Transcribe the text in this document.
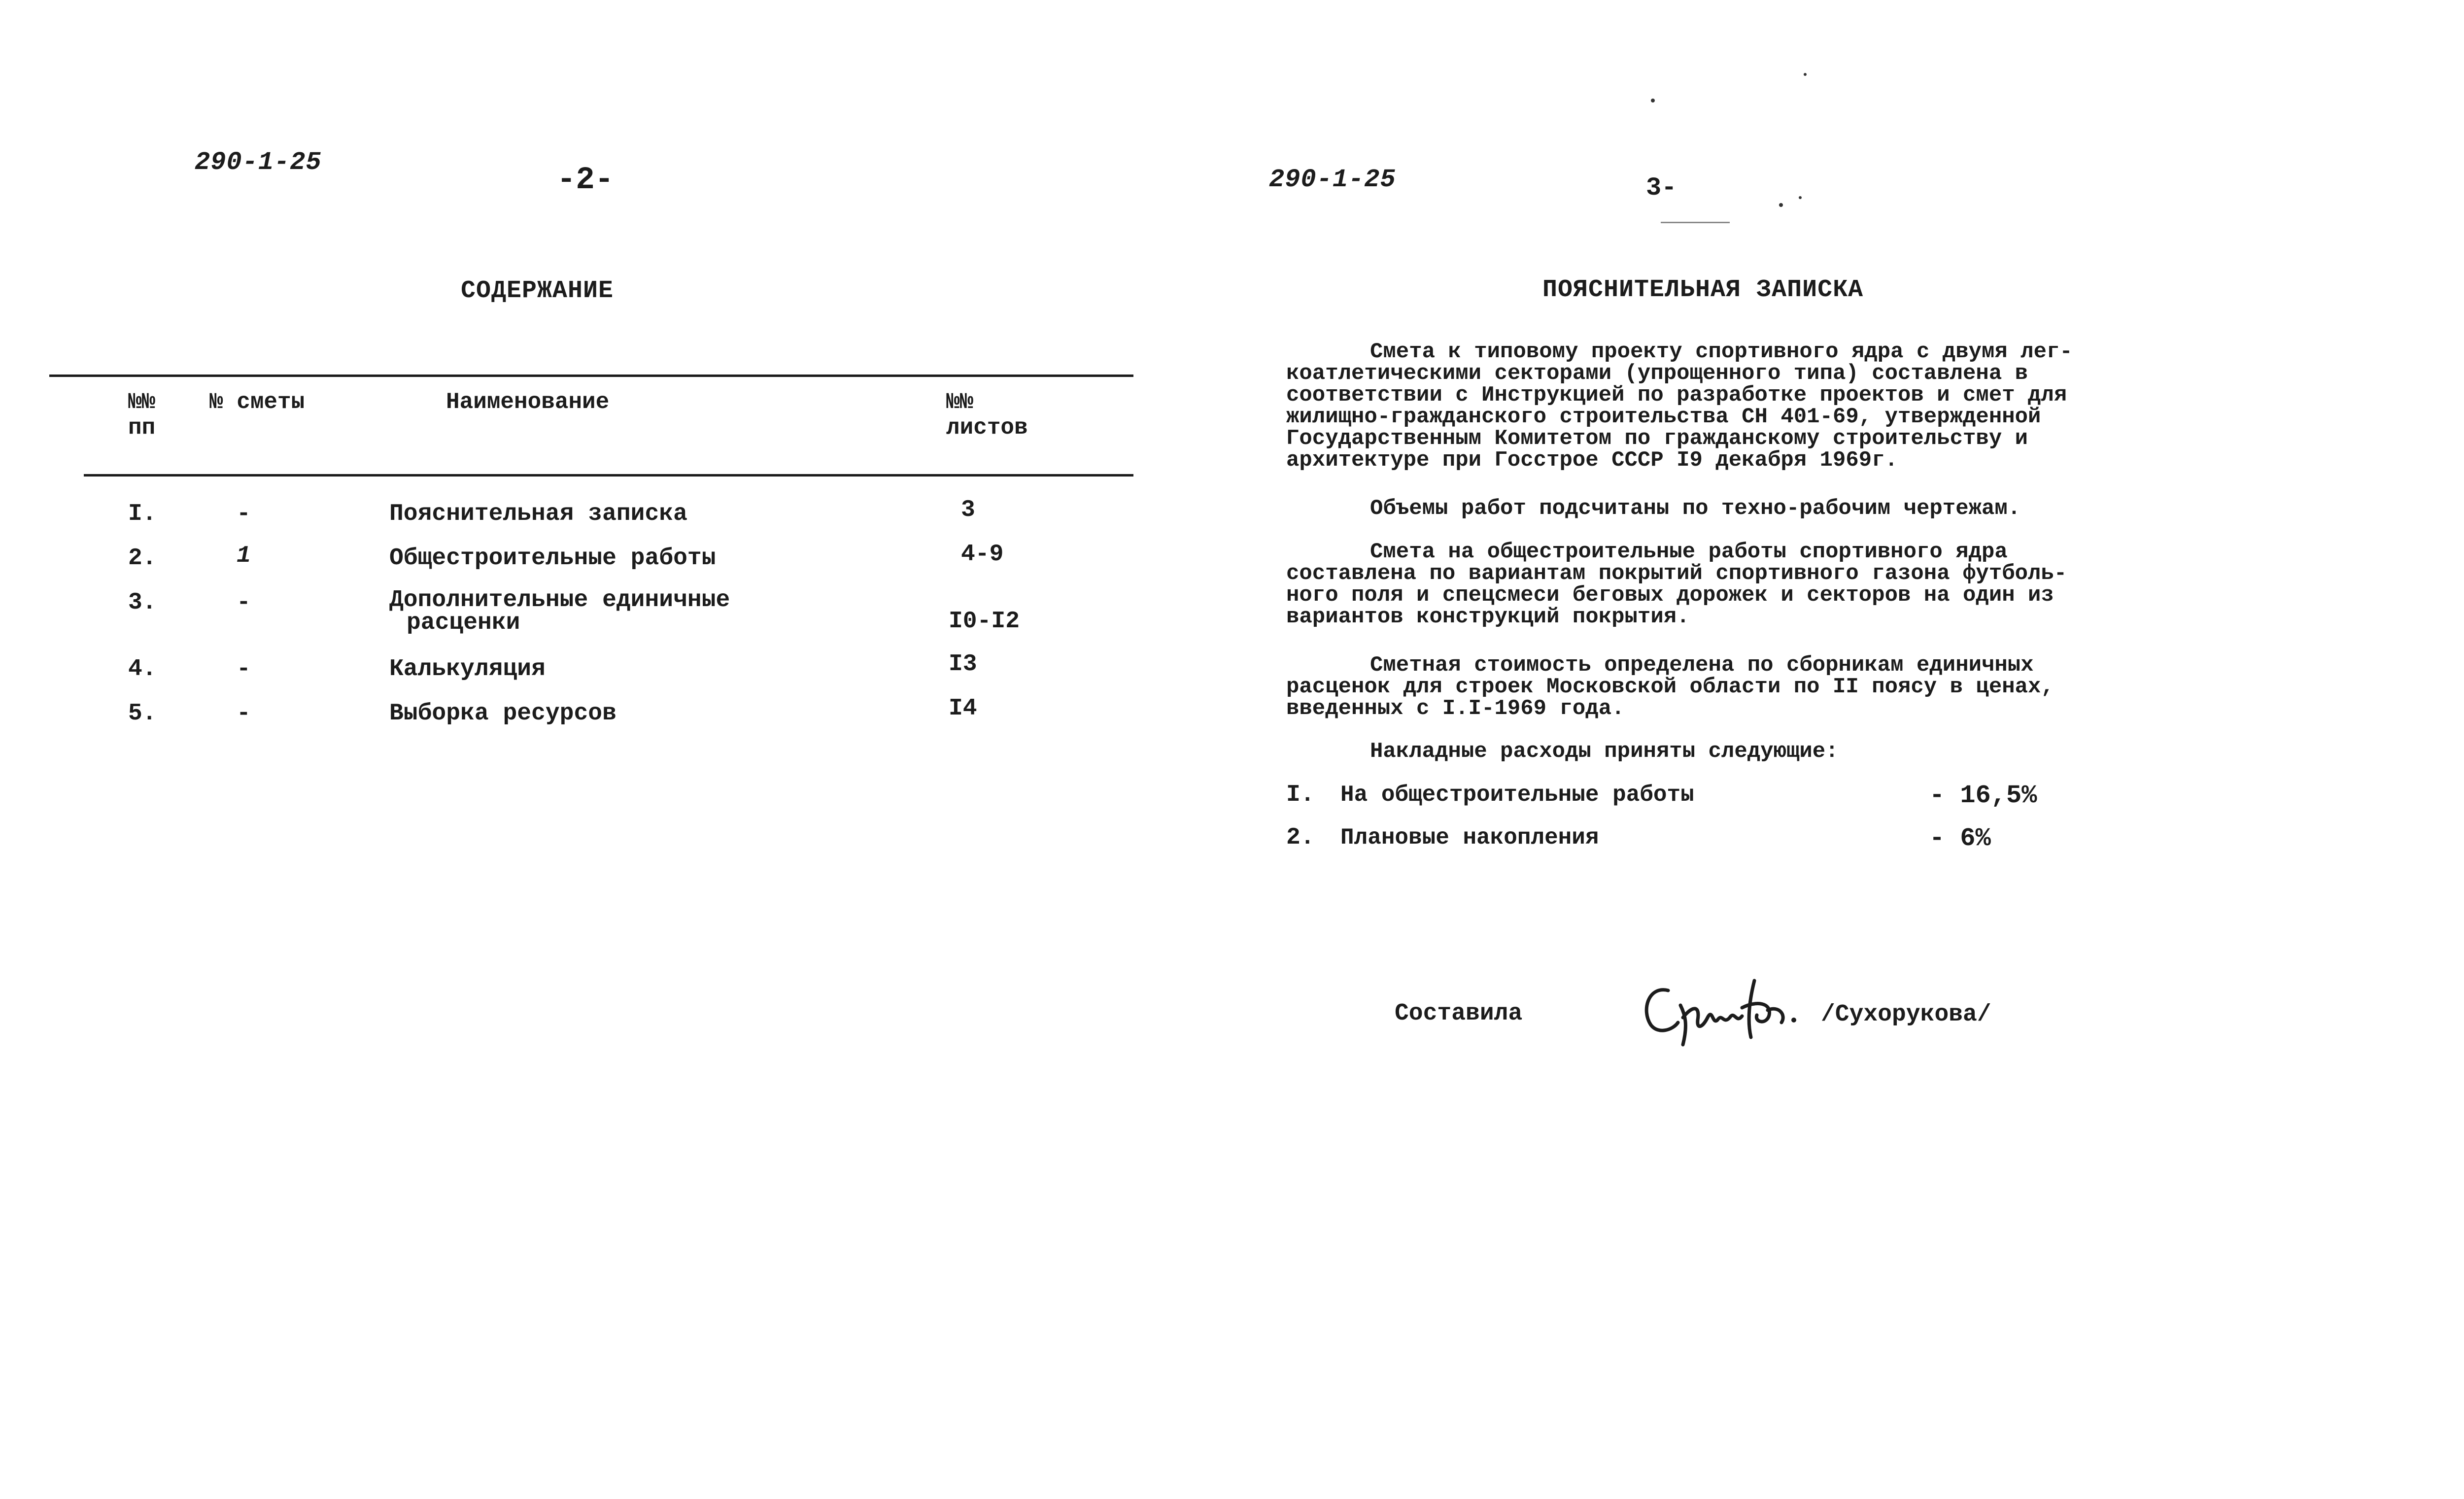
290-1-25
-2-
СОДЕРЖАНИЕ
№№
пп
№ сметы	Наименование	№№
листов
I.	-	Пояснительная записка	3
2.	1	Общестроительные работы	4-9
3.	-	Дополнительные единичные
расценки	I0-I2
4.	-	Калькуляция	I3
5.	-	Выборка ресурсов	I4
290-1-25	3-
ПОЯСНИТЕЛЬНАЯ ЗАПИСКА

Смета к типовому проекту спортивного ядра с двумя лег-

коатлетическими секторами (упрощенного типа) составлена в

соответствии с Инструкцией по разработке проектов и смет для

жилищно-гражданского строительства СН 401-69, утвержденной

Государственным Комитетом по гражданскому строительству и

архитектуре при Госстрое СССР I9 декабря 1969г.

Объемы работ подсчитаны по техно-рабочим чертежам.

Смета на общестроительные работы спортивного ядра

составлена по вариантам покрытий спортивного газона футболь-

ного поля и спецсмеси беговых дорожек и секторов на один из

вариантов конструкций покрытия.

Сметная стоимость определена по сборникам единичных

расценок для строек Московской области по II поясу в ценах,

введенных с I.I-1969 года.

Накладные расходы приняты следующие:

I. На общестроительные работы	- 16,5%
2. Плановые накопления	- 6%
Составила	/Сухорукова/
